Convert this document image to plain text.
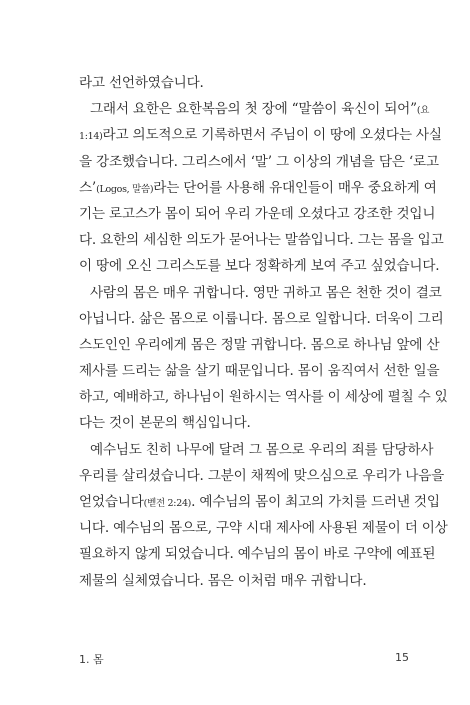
라고 선언하였습니다.
그래서 요한은 요한복음의 첫 장에 “말씀이 육신이 되어”(요
1:14)라고 의도적으로 기록하면서 주님이 이 땅에 오셨다는 사실
을 강조했습니다. 그리스에서 ‘말’ 그 이상의 개념을 담은 ‘로고
스’(Logos, 말씀)라는 단어를 사용해 유대인들이 매우 중요하게 여
기는 로고스가 몸이 되어 우리 가운데 오셨다고 강조한 것입니
다. 요한의 세심한 의도가 묻어나는 말씀입니다. 그는 몸을 입고
이 땅에 오신 그리스도를 보다 정확하게 보여 주고 싶었습니다.
사람의 몸은 매우 귀합니다. 영만 귀하고 몸은 천한 것이 결코
아닙니다. 삶은 몸으로 이룹니다. 몸으로 일합니다. 더욱이 그리
스도인인 우리에게 몸은 정말 귀합니다. 몸으로 하나님 앞에 산
제사를 드리는 삶을 살기 때문입니다. 몸이 움직여서 선한 일을
하고, 예배하고, 하나님이 원하시는 역사를 이 세상에 펼칠 수 있
다는 것이 본문의 핵심입니다.
예수님도 친히 나무에 달려 그 몸으로 우리의 죄를 담당하사
우리를 살리셨습니다. 그분이 채찍에 맞으심으로 우리가 나음을
얻었습니다(벧전 2:24). 예수님의 몸이 최고의 가치를 드러낸 것입
니다. 예수님의 몸으로, 구약 시대 제사에 사용된 제물이 더 이상
필요하지 않게 되었습니다. 예수님의 몸이 바로 구약에 예표된
제물의 실체였습니다. 몸은 이처럼 매우 귀합니다.
1. 몸	15
